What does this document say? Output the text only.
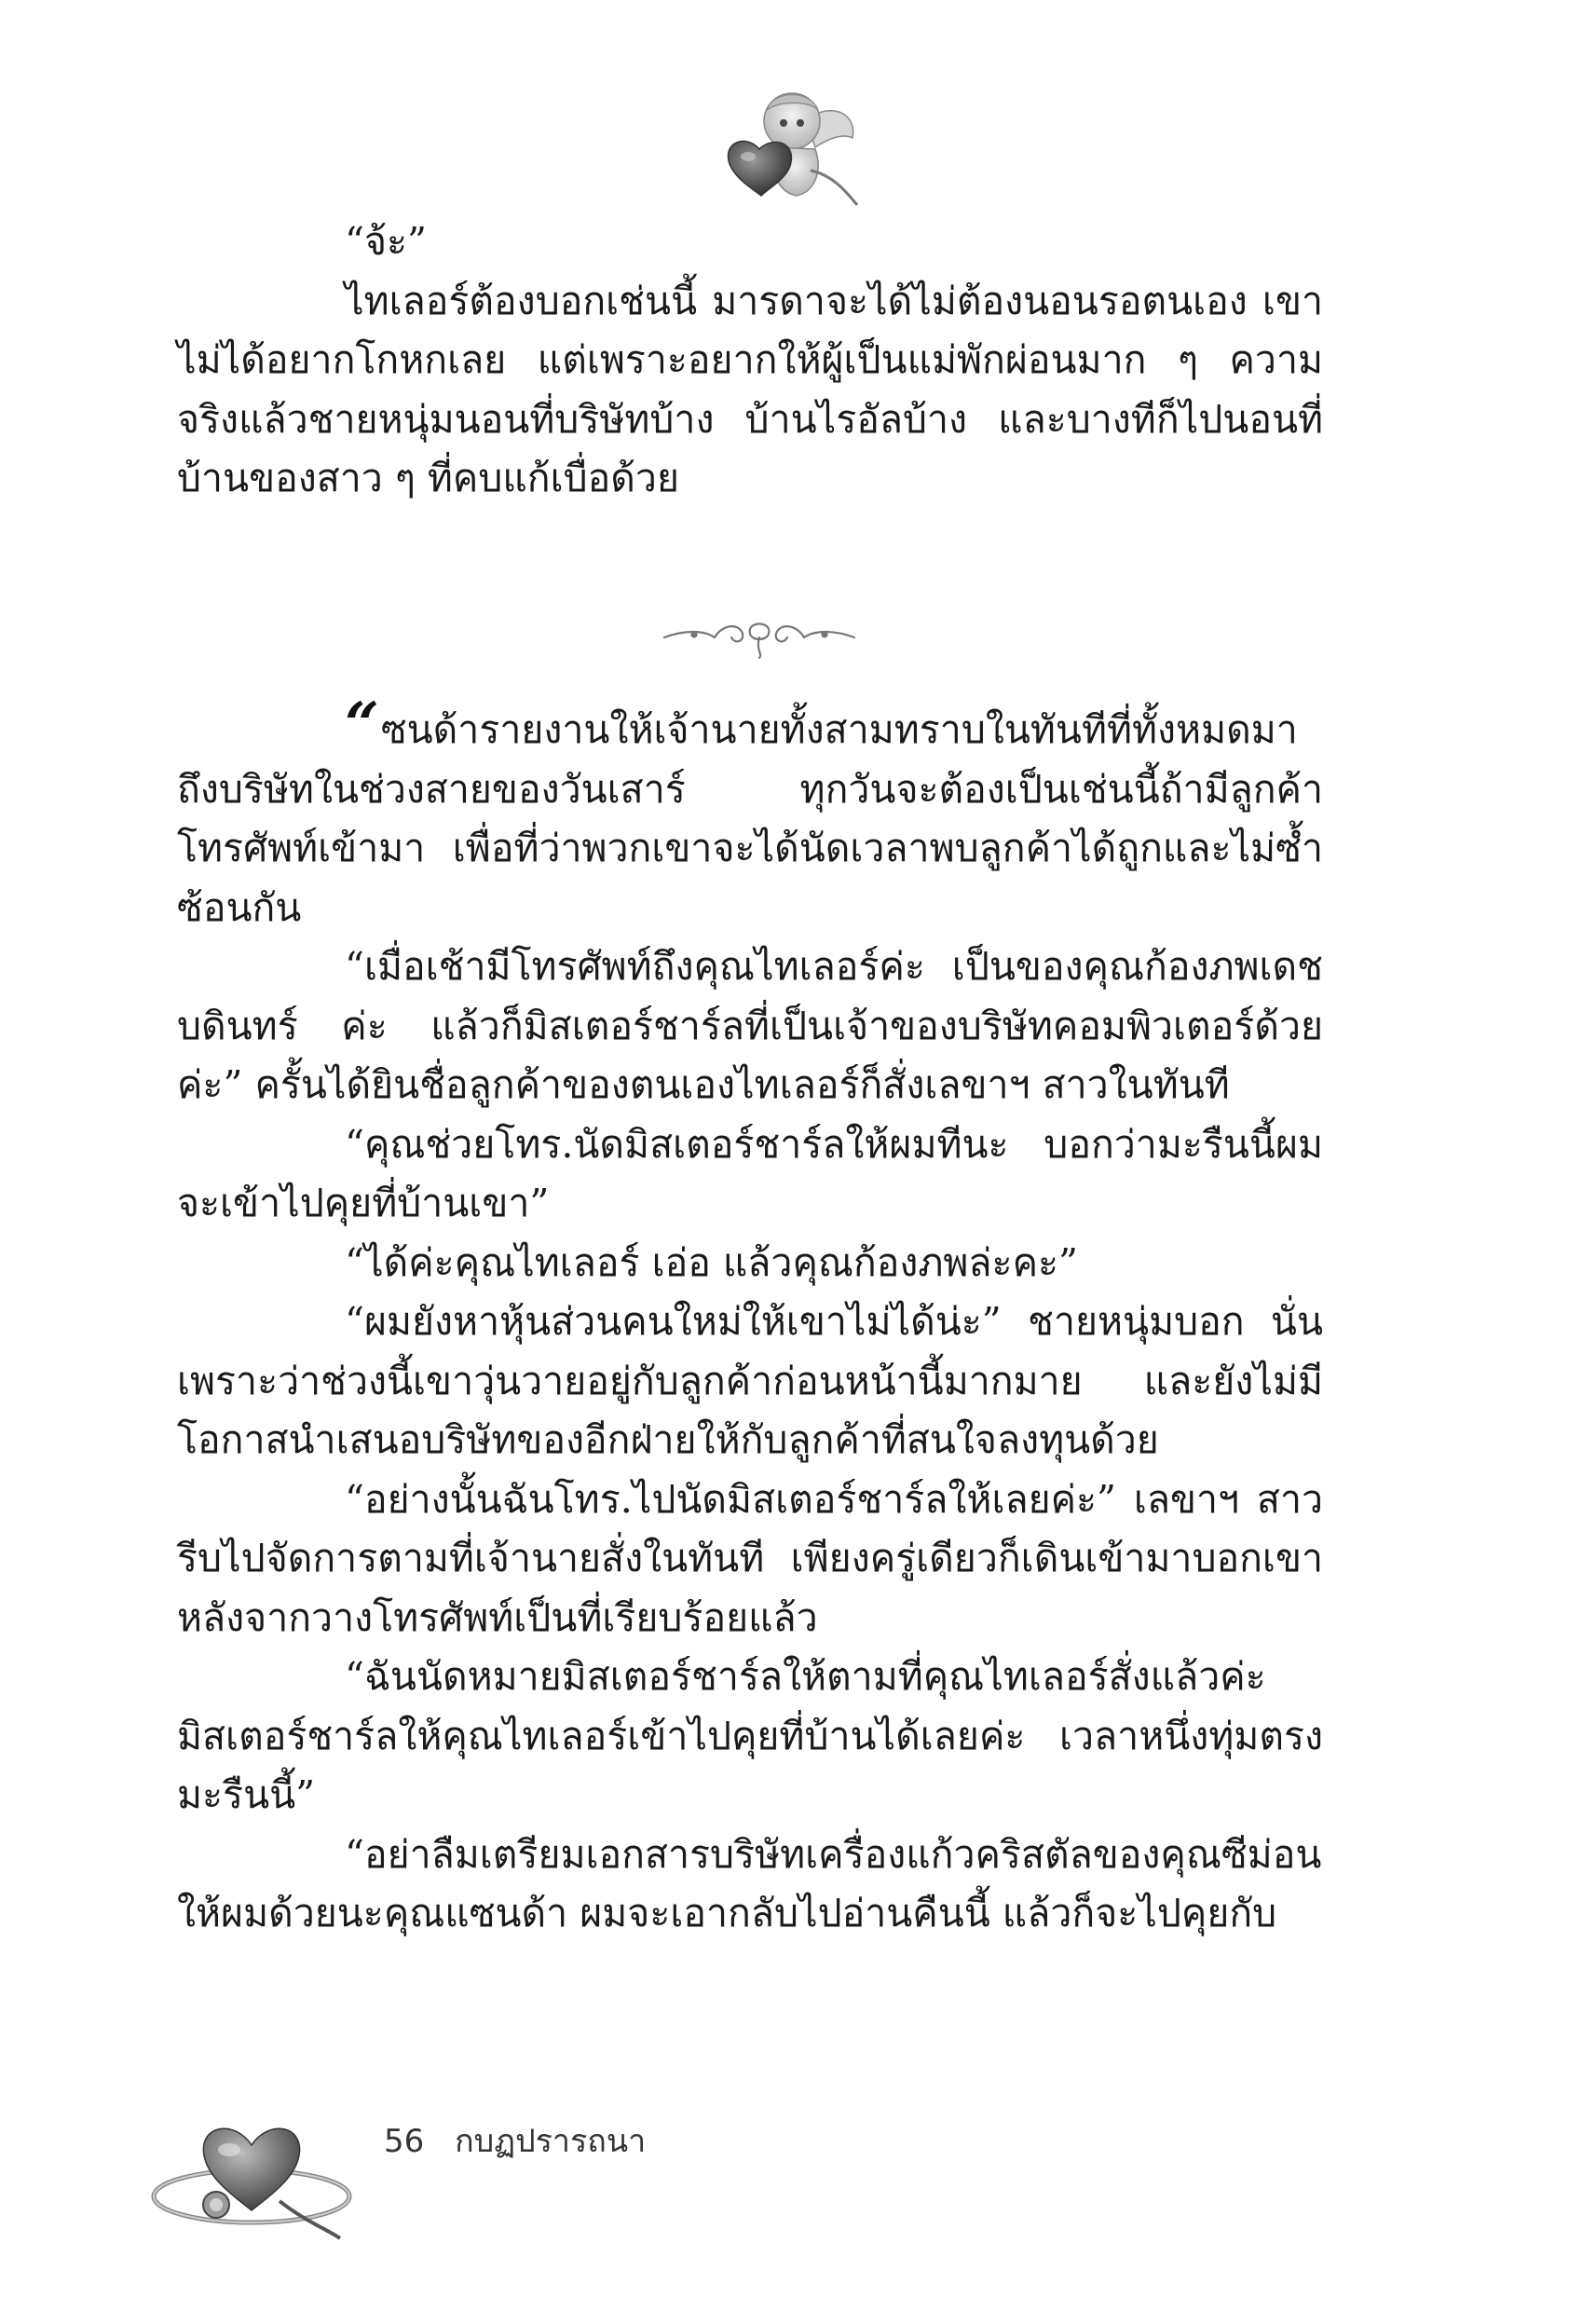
“จ้ะ”

ไทเลอร์ต้องบอกเช่นนี้ มารดาจะได้ไม่ต้องนอนรอตนเอง เขาไม่ได้อยากโกหกเลย แต่เพราะอยากให้ผู้เป็นแม่พักผ่อนมาก ๆ ความจริงแล้วชายหนุ่มนอนที่บริษัทบ้าง บ้านไรอัลบ้าง และบางทีก็ไปนอนที่บ้านของสาว ๆ ที่คบแก้เบื่อด้วย

“ซนด้ารายงานให้เจ้านายทั้งสามทราบในทันทีที่ทั้งหมดมาถึงบริษัทในช่วงสายของวันเสาร์ ทุกวันจะต้องเป็นเช่นนี้ถ้ามีลูกค้าโทรศัพท์เข้ามา เพื่อที่ว่าพวกเขาจะได้นัดเวลาพบลูกค้าได้ถูกและไม่ซ้ำซ้อนกัน

“เมื่อเช้ามีโทรศัพท์ถึงคุณไทเลอร์ค่ะ เป็นของคุณก้องภพเดชบดินทร์ ค่ะ แล้วก็มิสเตอร์ชาร์ลที่เป็นเจ้าของบริษัทคอมพิวเตอร์ด้วยค่ะ” ครั้นได้ยินชื่อลูกค้าของตนเองไทเลอร์ก็สั่งเลขาฯ สาวในทันที

“คุณช่วยโทร.นัดมิสเตอร์ชาร์ลให้ผมทีนะ บอกว่ามะรืนนี้ผมจะเข้าไปคุยที่บ้านเขา”

“ได้ค่ะคุณไทเลอร์ เอ่อ แล้วคุณก้องภพล่ะคะ”

“ผมยังหาหุ้นส่วนคนใหม่ให้เขาไม่ได้น่ะ” ชายหนุ่มบอก นั่นเพราะว่าช่วงนี้เขาวุ่นวายอยู่กับลูกค้าก่อนหน้านี้มากมาย และยังไม่มีโอกาสนำเสนอบริษัทของอีกฝ่ายให้กับลูกค้าที่สนใจลงทุนด้วย

“อย่างนั้นฉันโทร.ไปนัดมิสเตอร์ชาร์ลให้เลยค่ะ” เลขาฯ สาวรีบไปจัดการตามที่เจ้านายสั่งในทันที เพียงครู่เดียวก็เดินเข้ามาบอกเขาหลังจากวางโทรศัพท์เป็นที่เรียบร้อยแล้ว

“ฉันนัดหมายมิสเตอร์ชาร์ลให้ตามที่คุณไทเลอร์สั่งแล้วค่ะ มิสเตอร์ชาร์ลให้คุณไทเลอร์เข้าไปคุยที่บ้านได้เลยค่ะ เวลาหนึ่งทุ่มตรงมะรืนนี้”

“อย่าลืมเตรียมเอกสารบริษัทเครื่องแก้วคริสตัลของคุณซีม่อนให้ผมด้วยนะคุณแซนด้า ผมจะเอากลับไปอ่านคืนนี้ แล้วก็จะไปคุยกับ

56 กบฏปรารถนา
